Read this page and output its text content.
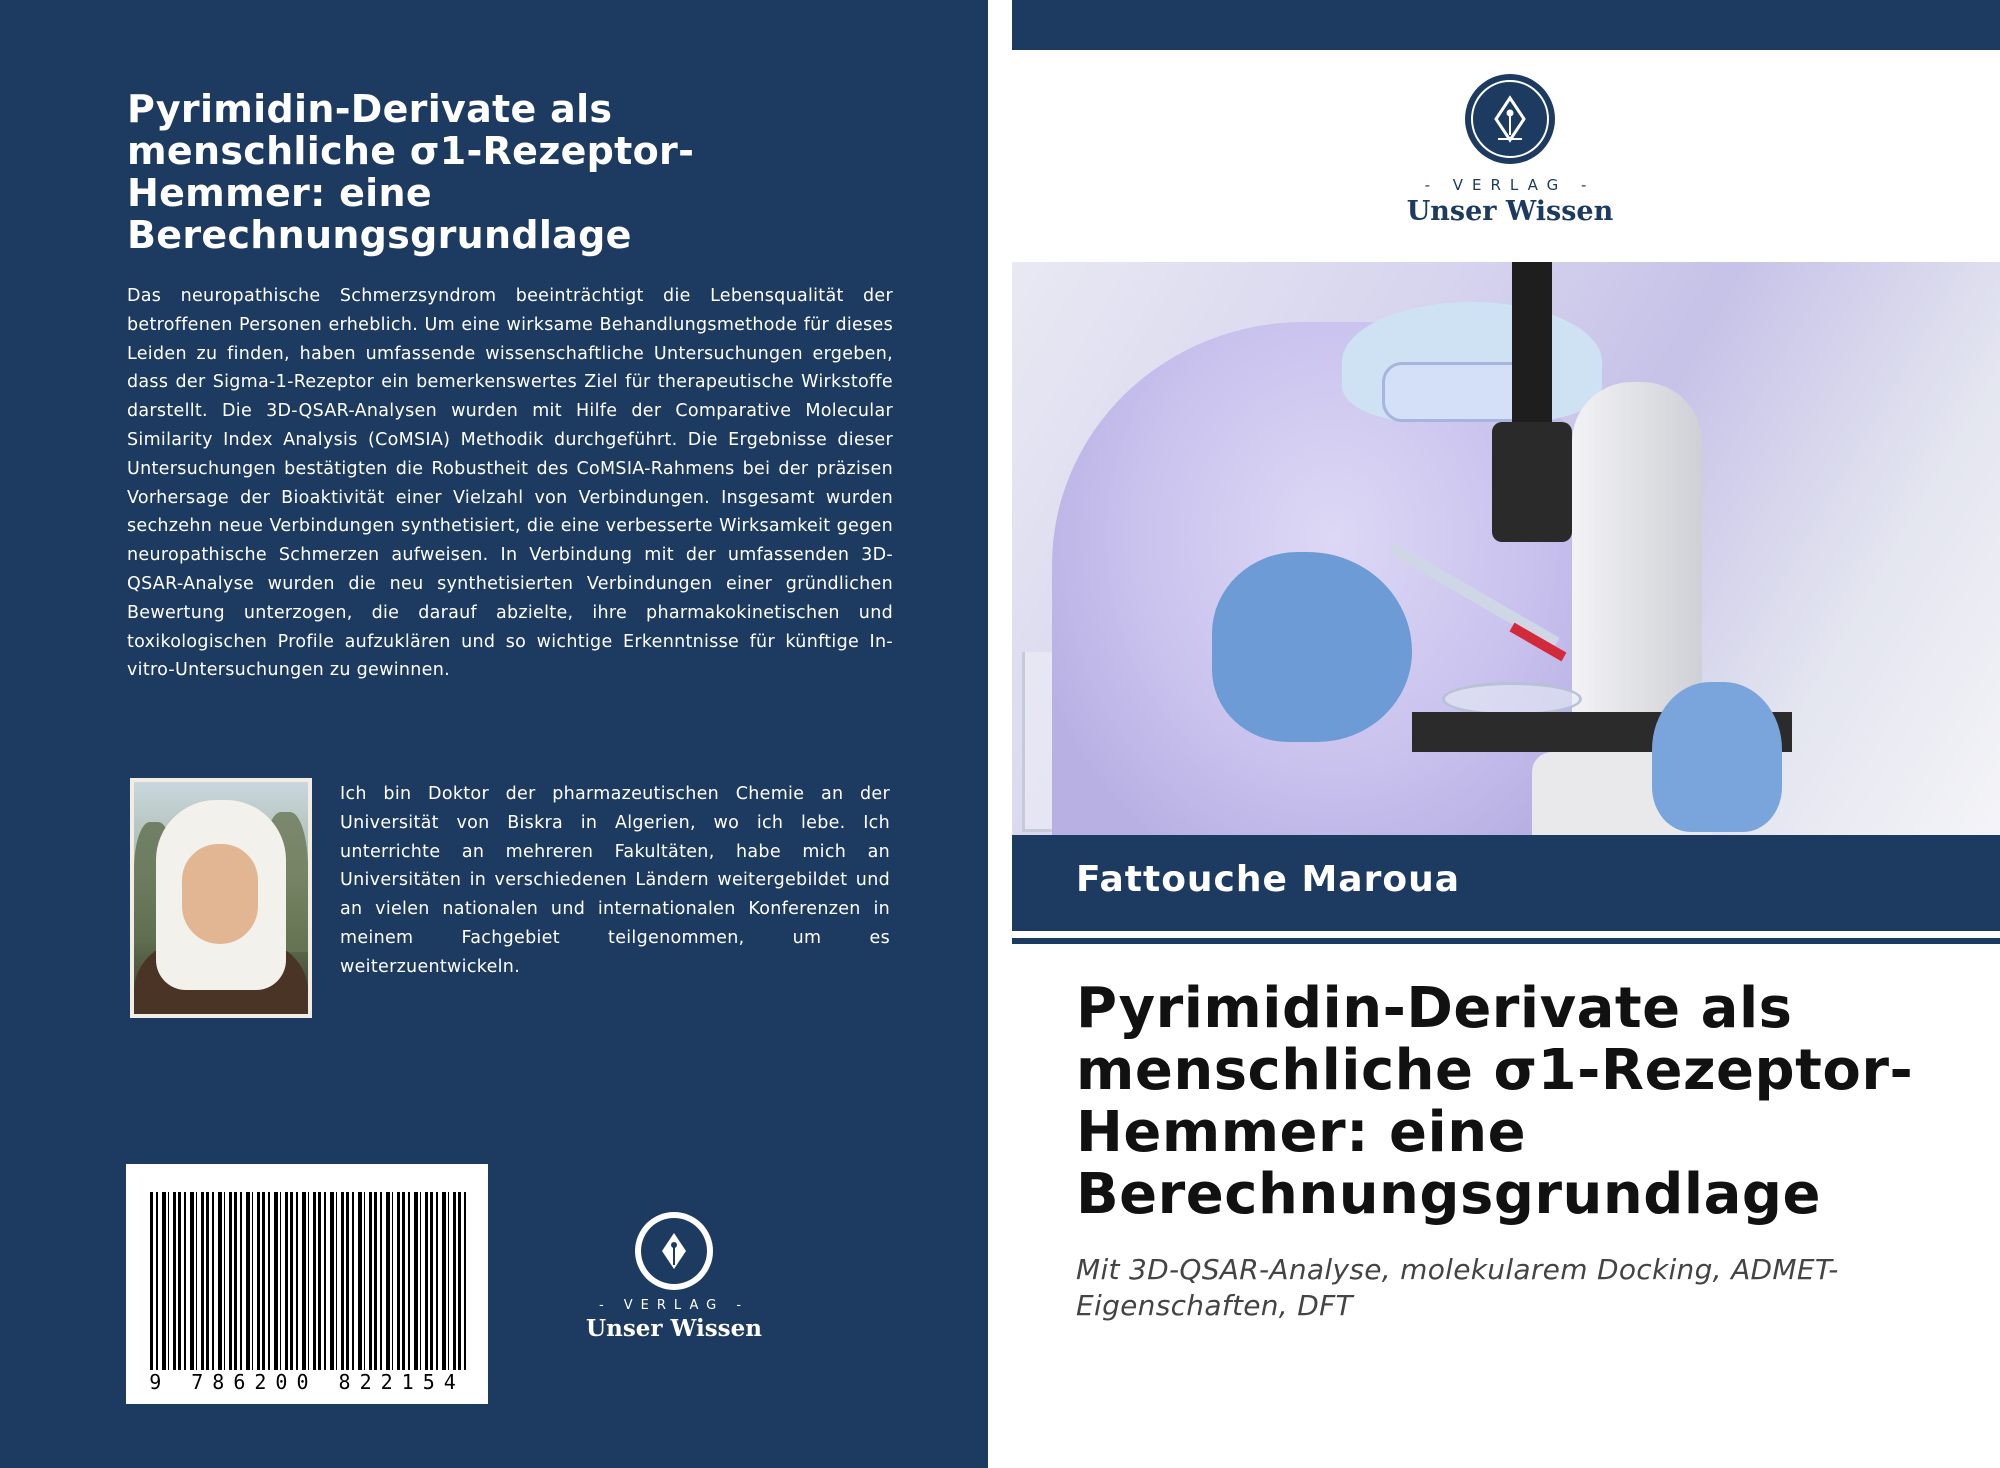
Pyrimidin-Derivate als
menschliche σ1-Rezeptor-
Hemmer: eine
Berechnungsgrundlage

Das neuropathische Schmerzsyndrom beeinträchtigt die Lebensqualität der betroffenen Personen erheblich. Um eine wirksame Behandlungsmethode für dieses Leiden zu finden, haben umfassende wissenschaftliche Untersuchungen ergeben, dass der Sigma-1-Rezeptor ein bemerkenswertes Ziel für therapeutische Wirkstoffe darstellt. Die 3D-QSAR-Analysen wurden mit Hilfe der Comparative Molecular Similarity Index Analysis (CoMSIA) Methodik durchgeführt. Die Ergebnisse dieser Untersuchungen bestätigten die Robustheit des CoMSIA-Rahmens bei der präzisen Vorhersage der Bioaktivität einer Vielzahl von Verbindungen. Insgesamt wurden sechzehn neue Verbindungen synthetisiert, die eine verbesserte Wirksamkeit gegen neuropathische Schmerzen aufweisen. In Verbindung mit der umfassenden 3D-QSAR-Analyse wurden die neu synthetisierten Verbindungen einer gründlichen Bewertung unterzogen, die darauf abzielte, ihre pharmakokinetischen und toxikologischen Profile aufzuklären und so wichtige Erkenntnisse für künftige In-vitro-Untersuchungen zu gewinnen.

Ich bin Doktor der pharmazeutischen Chemie an der Universität von Biskra in Algerien, wo ich lebe. Ich unterrichte an mehreren Fakultäten, habe mich an Universitäten in verschiedenen Ländern weitergebildet und an vielen nationalen und internationalen Konferenzen in meinem Fachgebiet teilgenommen, um es weiterzuentwickeln.

9 786200 822154
- VERLAG -
Unser Wissen
- VERLAG -
Unser Wissen
Fattouche Maroua
Pyrimidin-Derivate als
menschliche σ1-Rezeptor-
Hemmer: eine
Berechnungsgrundlage

Mit 3D-QSAR-Analyse, molekularem Docking, ADMET-Eigenschaften, DFT
